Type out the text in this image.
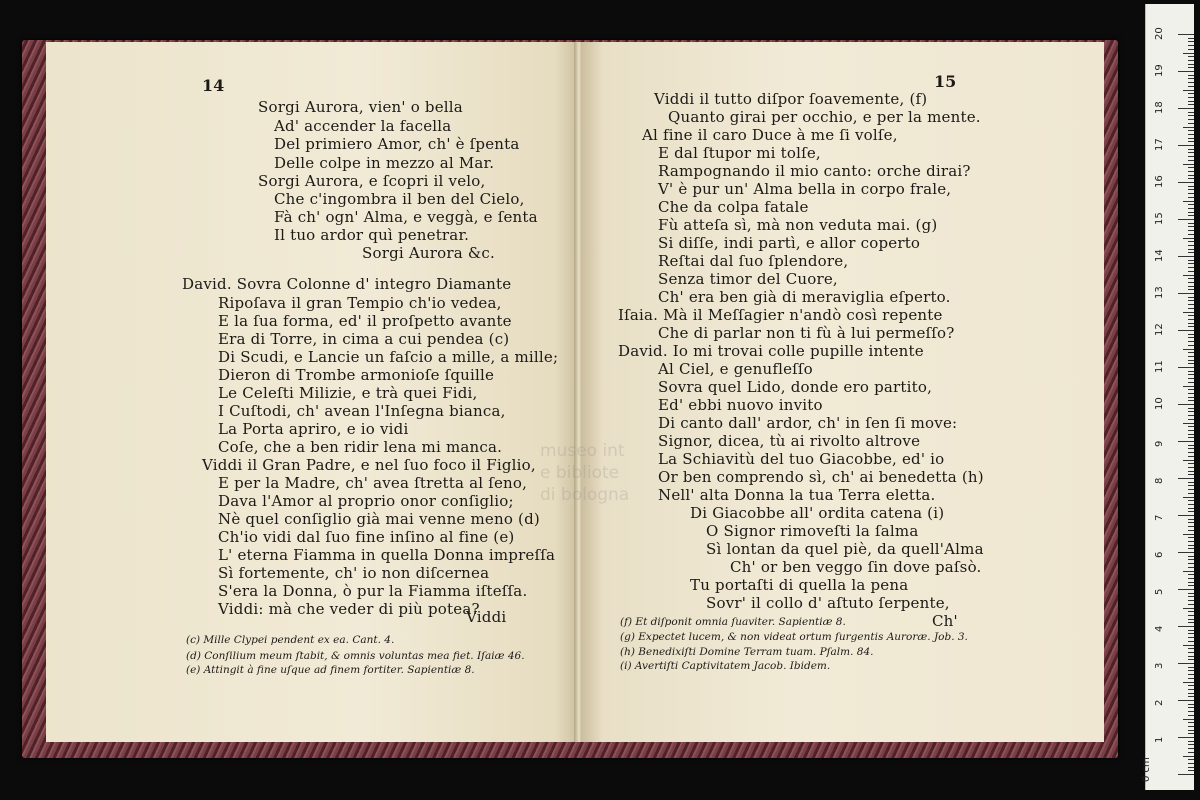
14
Sorgi Aurora, vien' o bella
Ad' accender la facella
Del primiero Amor, ch' è ſpenta
Delle colpe in mezzo al Mar.
Sorgi Aurora, e ſcopri il velo,
Che c'ingombra il ben del Cielo,
Fà ch' ogn' Alma, e veggà, e ſenta
Il tuo ardor quì penetrar.
Sorgi Aurora &c.
David. Sovra Colonne d' integro Diamante
Ripoſava il gran Tempio ch'io vedea,
E la ſua forma, ed' il proſpetto avante
Era di Torre, in cima a cui pendea (c)
Di Scudi, e Lancie un faſcio a mille, a mille;
Dieron di Trombe armonioſe ſquille
Le Celeſti Milizie, e trà quei Fidi,
I Cuſtodi, ch' avean l'Inſegna bianca,
La Porta apriro, e io vidi
Coſe, che a ben ridir lena mi manca.
Viddi il Gran Padre, e nel ſuo foco il Figlio,
E per la Madre, ch' avea ſtretta al ſeno,
Dava l'Amor al proprio onor conſiglio;
Nè quel conſiglio già mai venne meno (d)
Ch'io vidi dal ſuo fine inſino al fine (e)
L' eterna Fiamma in quella Donna impreſſa
Sì fortemente, ch' io non diſcernea
S'era la Donna, ò pur la Fiamma iſteſſa.
Viddi: mà che veder di più potea?
Viddi
(c) Mille Clypei pendent ex ea. Cant. 4.
(d) Conſilium meum ſtabit, & omnis voluntas mea fiet. Iſaiæ 46.
(e) Attingit à fine uſque ad finem fortiter. Sapientiæ 8.
15
Viddi il tutto diſpor ſoavemente, (f)
Quanto girai per occhio, e per la mente.
Al fine il caro Duce à me ſi volſe,
E dal ſtupor mi tolſe,
Rampognando il mio canto: orche dirai?
V' è pur un' Alma bella in corpo frale,
Che da colpa fatale
Fù atteſa sì, mà non veduta mai. (g)
Si diſſe, indi partì, e allor coperto
Reſtai dal ſuo ſplendore,
Senza timor del Cuore,
Ch' era ben già di meraviglia eſperto.
Iſaia. Mà il Meſſagier n'andò così repente
Che di parlar non ti fù à lui permeſſo?
David. Io mi trovai colle pupille intente
Al Ciel, e genufleſſo
Sovra quel Lido, donde ero partito,
Ed' ebbi nuovo invito
Di canto dall' ardor, ch' in ſen ſi move:
Signor, dicea, tù ai rivolto altrove
La Schiavitù del tuo Giacobbe, ed' io
Or ben comprendo sì, ch' ai benedetta (h)
Nell' alta Donna la tua Terra eletta.
Di Giacobbe all' ordita catena (i)
O Signor rimoveſti la ſalma
Sì lontan da quel piè, da quell'Alma
Ch' or ben veggo ſin dove paſsò.
Tu portaſti di quella la pena
Sovr' il collo d' aſtuto ſerpente,
Ch'
(f) Et diſponit omnia ſuaviter. Sapientiæ 8.
(g) Expectet lucem, & non videat ortum ſurgentis Auroræ. Job. 3.
(h) Benedixiſti Domine Terram tuam. Pſalm. 84.
(i) Avertiſti Captivitatem Jacob. Ibidem.
museo int
e bibliote
di bologna
0 cm
1
2
3
4
5
6
7
8
9
10
11
12
13
14
15
16
17
18
19
20
